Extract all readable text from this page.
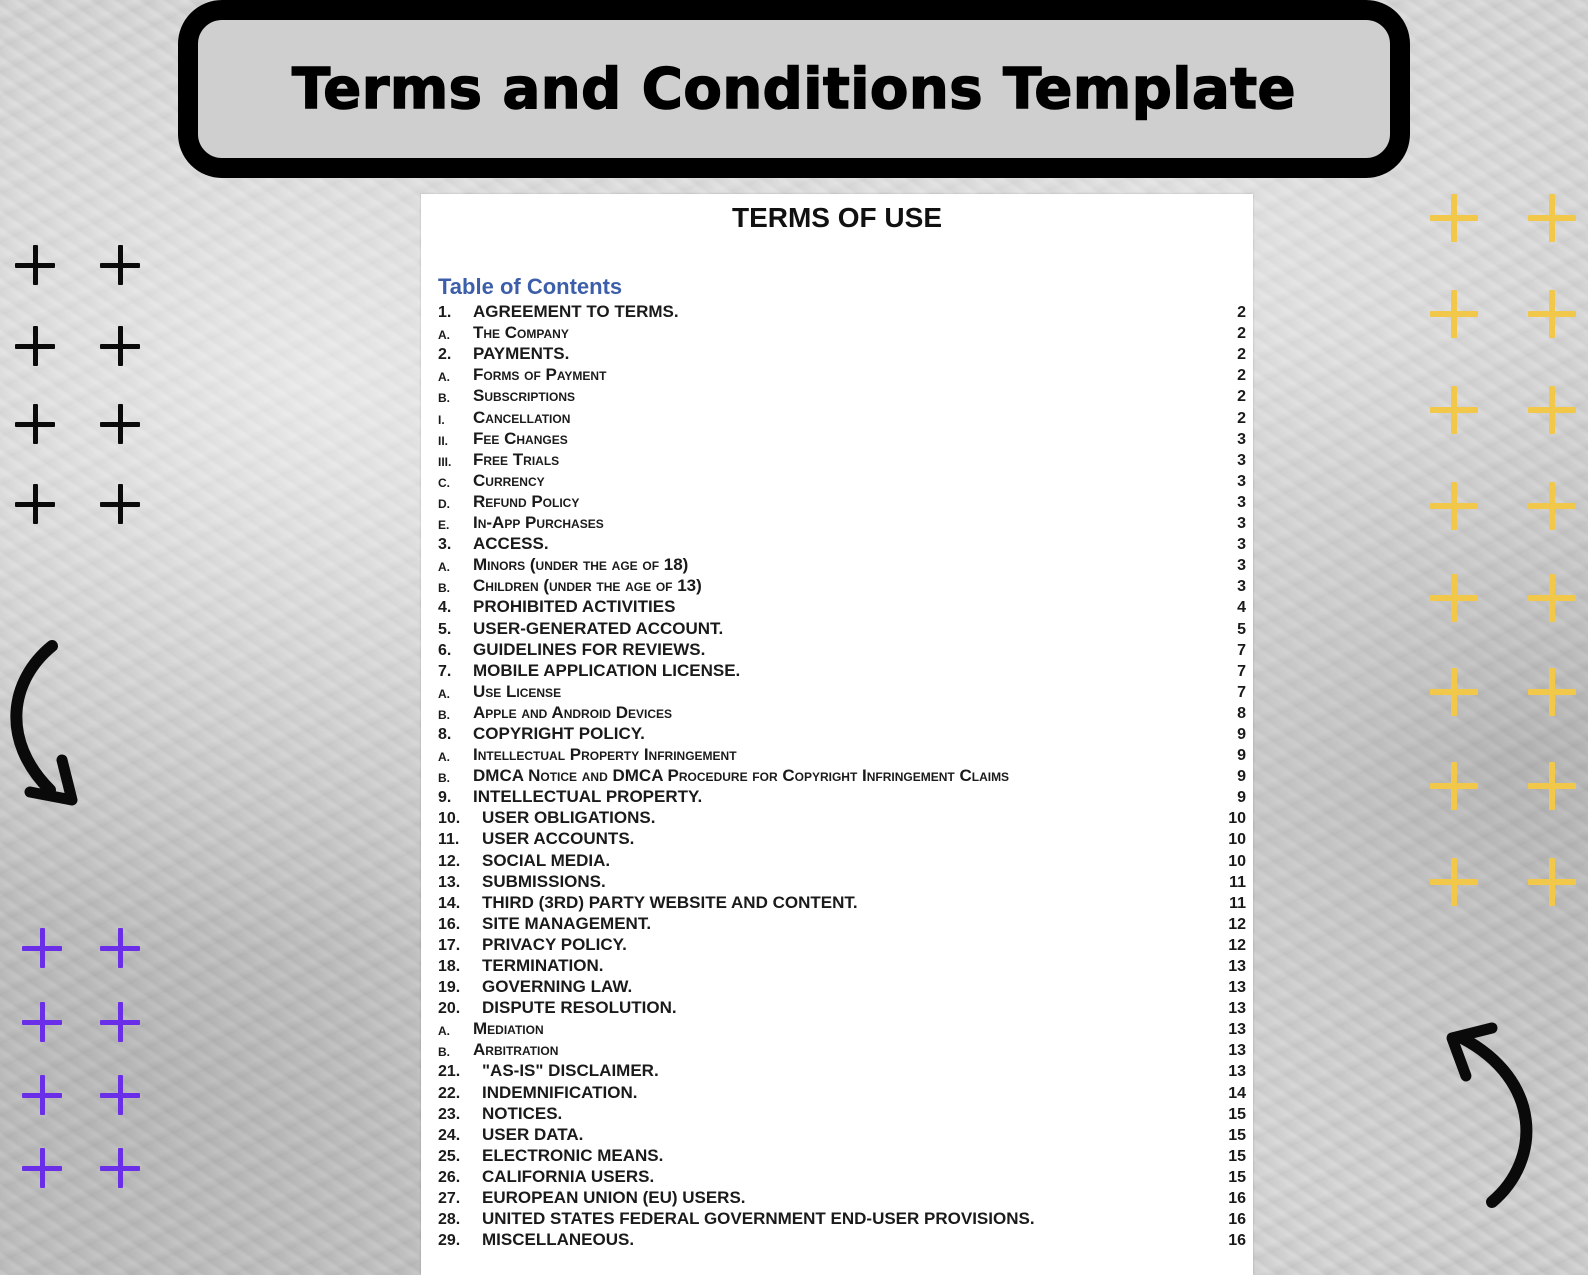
Terms and Conditions Template
TERMS OF USE
Table of Contents
1. AGREEMENT TO TERMS.	2
A. The Company	2
2. PAYMENTS.	2
A. Forms of Payment	2
B. Subscriptions	2
I. Cancellation	2
II. Fee Changes	3
III. Free Trials	3
C. Currency	3
D. Refund Policy	3
E. In-App Purchases	3
3. ACCESS.	3
A. Minors (under the age of 18)	3
B. Children (under the age of 13)	3
4. PROHIBITED ACTIVITIES	4
5. USER-GENERATED ACCOUNT.	5
6. GUIDELINES FOR REVIEWS.	7
7. MOBILE APPLICATION LICENSE.	7
A. Use License	7
B. Apple and Android Devices	8
8. COPYRIGHT POLICY.	9
A. Intellectual Property Infringement	9
B. DMCA Notice and DMCA Procedure for Copyright Infringement Claims	9
9. INTELLECTUAL PROPERTY.	9
10. USER OBLIGATIONS.	10
11. USER ACCOUNTS.	10
12. SOCIAL MEDIA.	10
13. SUBMISSIONS.	11
14. THIRD (3RD) PARTY WEBSITE AND CONTENT.	11
16. SITE MANAGEMENT.	12
17. PRIVACY POLICY.	12
18. TERMINATION.	13
19. GOVERNING LAW.	13
20. DISPUTE RESOLUTION.	13
A. Mediation	13
B. Arbitration	13
21. "AS-IS" DISCLAIMER.	13
22. INDEMNIFICATION.	14
23. NOTICES.	15
24. USER DATA.	15
25. ELECTRONIC MEANS.	15
26. CALIFORNIA USERS.	15
27. EUROPEAN UNION (EU) USERS.	16
28. UNITED STATES FEDERAL GOVERNMENT END-USER PROVISIONS.	16
29. MISCELLANEOUS.	16
